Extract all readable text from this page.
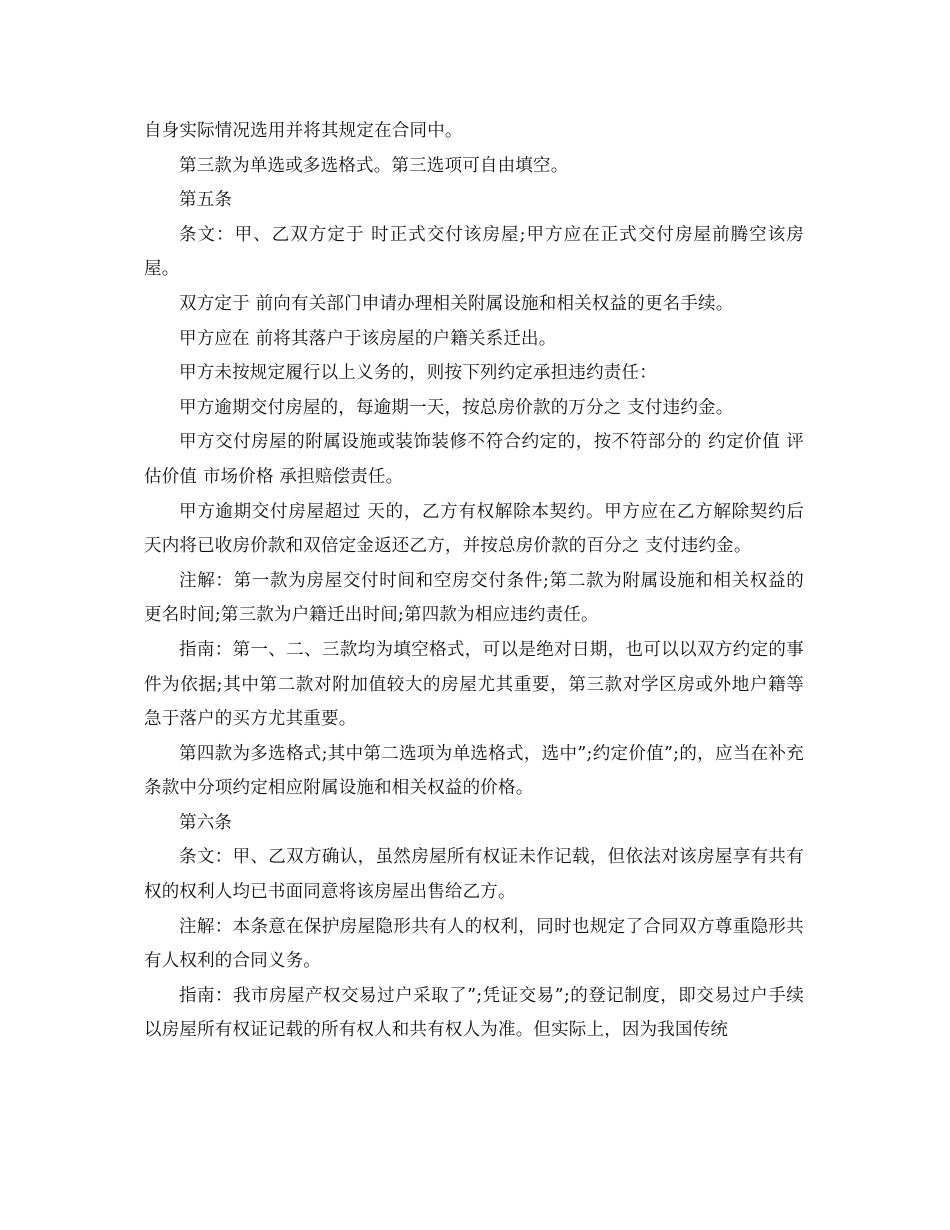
自身实际情况选用并将其规定在合同中。

第三款为单选或多选格式。第三选项可自由填空。

第五条

条文：甲、乙双方定于 时正式交付该房屋;甲方应在正式交付房屋前腾空该房屋。

双方定于 前向有关部门申请办理相关附属设施和相关权益的更名手续。

甲方应在 前将其落户于该房屋的户籍关系迁出。

甲方未按规定履行以上义务的，则按下列约定承担违约责任：

甲方逾期交付房屋的，每逾期一天，按总房价款的万分之 支付违约金。

甲方交付房屋的附属设施或装饰装修不符合约定的，按不符部分的 约定价值 评估价值 市场价格 承担赔偿责任。

甲方逾期交付房屋超过 天的，乙方有权解除本契约。甲方应在乙方解除契约后 天内将已收房价款和双倍定金返还乙方，并按总房价款的百分之 支付违约金。

注解：第一款为房屋交付时间和空房交付条件;第二款为附属设施和相关权益的更名时间;第三款为户籍迁出时间;第四款为相应违约责任。

指南：第一、二、三款均为填空格式，可以是绝对日期，也可以以双方约定的事件为依据;其中第二款对附加值较大的房屋尤其重要，第三款对学区房或外地户籍等急于落户的买方尤其重要。

第四款为多选格式;其中第二选项为单选格式，选中”;约定价值”;的，应当在补充条款中分项约定相应附属设施和相关权益的价格。

第六条

条文：甲、乙双方确认，虽然房屋所有权证未作记载，但依法对该房屋享有共有权的权利人均已书面同意将该房屋出售给乙方。

注解：本条意在保护房屋隐形共有人的权利，同时也规定了合同双方尊重隐形共有人权利的合同义务。

指南：我市房屋产权交易过户采取了”;凭证交易”;的登记制度，即交易过户手续以房屋所有权证记载的所有权人和共有权人为准。但实际上，因为我国传统
